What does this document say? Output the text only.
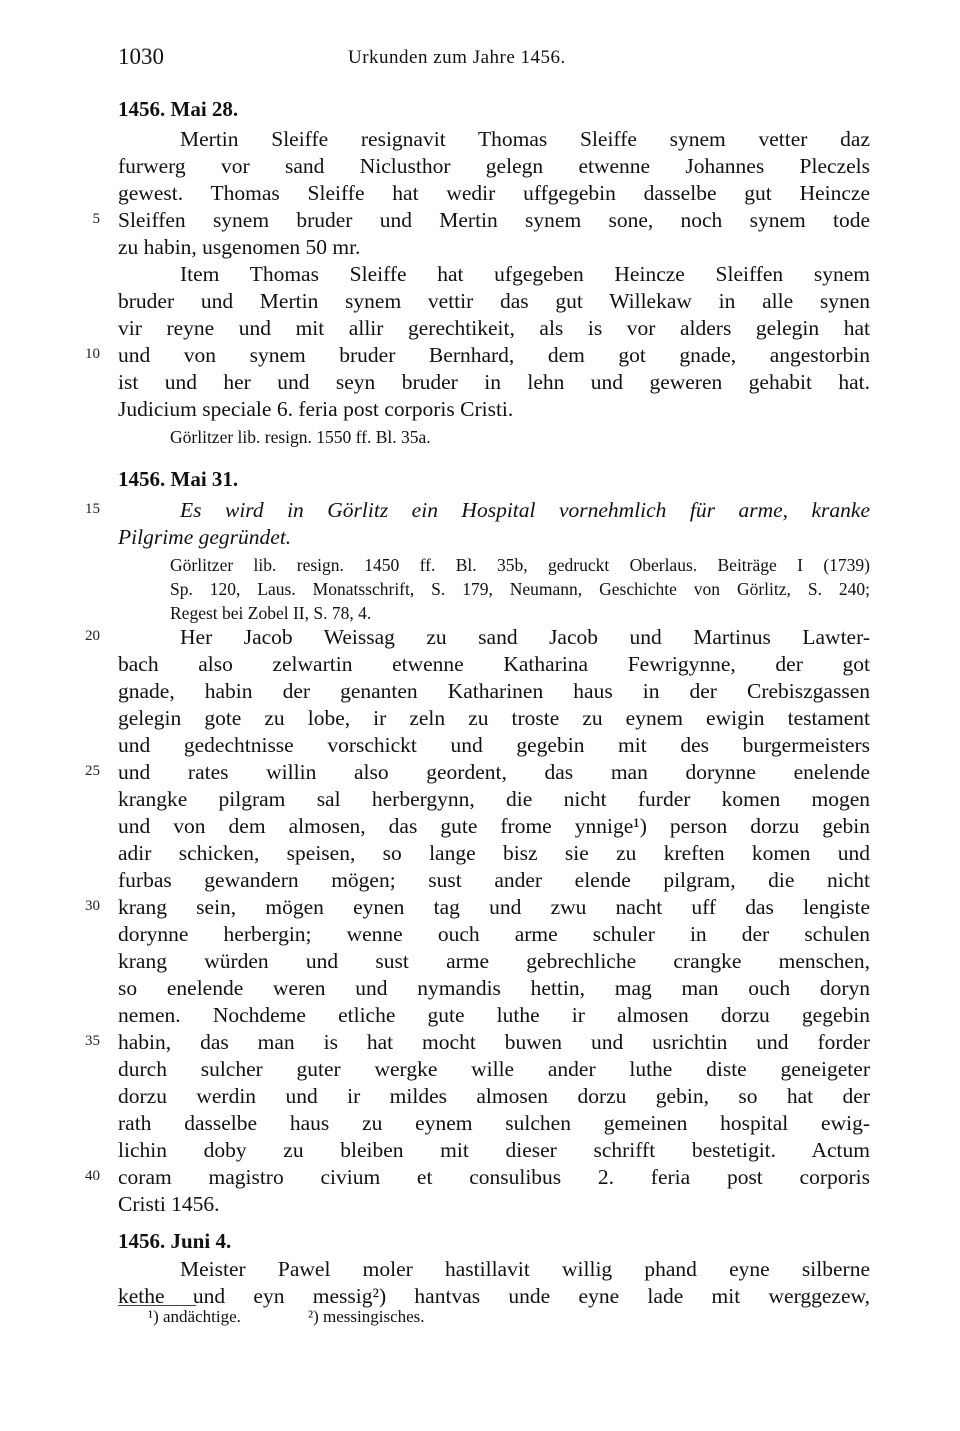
1030	Urkunden zum Jahre 1456.
1456. Mai 28.
Mertin Sleiffe resignavit Thomas Sleiffe synem vetter daz
furwerg vor sand Niclusthor gelegn etwenne Johannes Pleczels
gewest. Thomas Sleiffe hat wedir uffgegebin dasselbe gut Heincze
Sleiffen synem bruder und Mertin synem sone, noch synem tode
zu habin, usgenomen 50 mr.
Item Thomas Sleiffe hat ufgegeben Heincze Sleiffen synem
bruder und Mertin synem vettir das gut Willekaw in alle synen
vir reyne und mit allir gerechtikeit, als is vor alders gelegin hat
und von synem bruder Bernhard, dem got gnade, angestorbin
ist und her und seyn bruder in lehn und geweren gehabit hat.
Judicium speciale 6. feria post corporis Cristi.
Görlitzer lib. resign. 1550 ff. Bl. 35a.
1456. Mai 31.
Es wird in Görlitz ein Hospital vornehmlich für arme, kranke
Pilgrime gegründet.
Görlitzer lib. resign. 1450 ff. Bl. 35b, gedruckt Oberlaus. Beiträge I (1739)
Sp. 120, Laus. Monatsschrift, S. 179, Neumann, Geschichte von Görlitz, S. 240;
Regest bei Zobel II, S. 78, 4.
Her Jacob Weissag zu sand Jacob und Martinus Lawter-
bach also zelwartin etwenne Katharina Fewrigynne, der got
gnade, habin der genanten Katharinen haus in der Crebiszgassen
gelegin gote zu lobe, ir zeln zu troste zu eynem ewigin testament
und gedechtnisse vorschickt und gegebin mit des burgermeisters
und rates willin also geordent, das man dorynne enelende
krangke pilgram sal herbergynn, die nicht furder komen mogen
und von dem almosen, das gute frome ynnige¹) person dorzu gebin
adir schicken, speisen, so lange bisz sie zu kreften komen und
furbas gewandern mögen; sust ander elende pilgram, die nicht
krang sein, mögen eynen tag und zwu nacht uff das lengiste
dorynne herbergin; wenne ouch arme schuler in der schulen
krang würden und sust arme gebrechliche crangke menschen,
so enelende weren und nymandis hettin, mag man ouch doryn
nemen. Nochdeme etliche gute luthe ir almosen dorzu gegebin
habin, das man is hat mocht buwen und usrichtin und forder
durch sulcher guter wergke wille ander luthe diste geneigeter
dorzu werdin und ir mildes almosen dorzu gebin, so hat der
rath dasselbe haus zu eynem sulchen gemeinen hospital ewig-
lichin doby zu bleiben mit dieser schrifft bestetigit. Actum
coram magistro civium et consulibus 2. feria post corporis
Cristi 1456.
1456. Juni 4.
Meister Pawel moler hastillavit willig phand eyne silberne
kethe und eyn messig²) hantvas unde eyne lade mit werggezew,
5
10
15
20
25
30
35
40
¹) andächtige.	²) messingisches.
